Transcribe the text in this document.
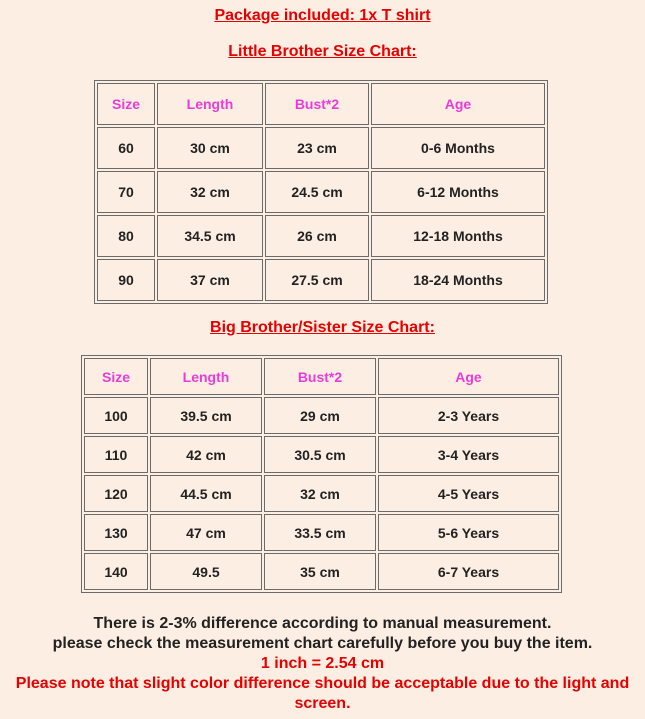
Package included: 1x T shirt
Little Brother Size Chart:
Size	Length	Bust*2	Age
60	30 cm	23 cm	0-6 Months
70	32 cm	24.5 cm	6-12 Months
80	34.5 cm	26 cm	12-18 Months
90	37 cm	27.5 cm	18-24 Months
Big Brother/Sister Size Chart:
Size	Length	Bust*2	Age
100	39.5 cm	29 cm	2-3 Years
110	42 cm	30.5 cm	3-4 Years
120	44.5 cm	32 cm	4-5 Years
130	47 cm	33.5 cm	5-6 Years
140	49.5	35 cm	6-7 Years
There is 2-3% difference according to manual measurement.
please check the measurement chart carefully before you buy the item.
1 inch = 2.54 cm
Please note that slight color difference should be acceptable due to the light and screen.
